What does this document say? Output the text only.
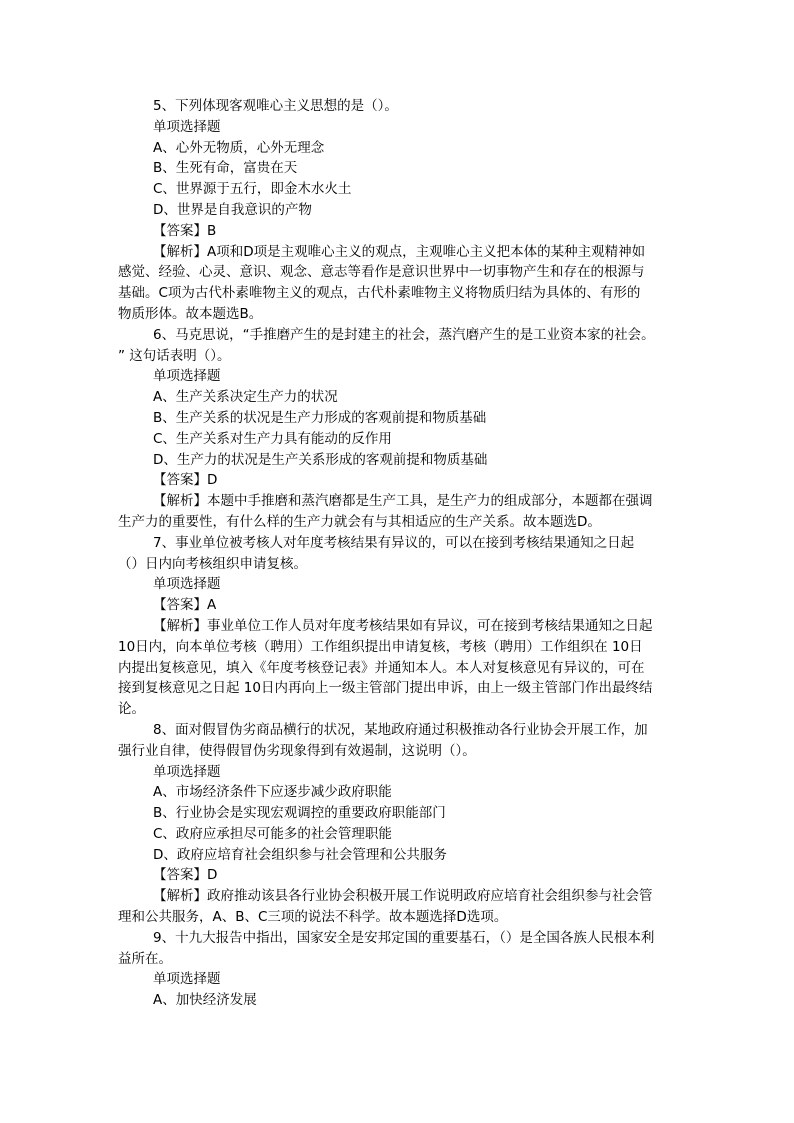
5、下列体现客观唯心主义思想的是（）。
单项选择题
A、心外无物质，心外无理念
B、生死有命，富贵在天
C、世界源于五行，即金木水火土
D、世界是自我意识的产物
【答案】B
【解析】A项和D项是主观唯心主义的观点，主观唯心主义把本体的某种主观精神如
感觉、经验、心灵、意识、观念、意志等看作是意识世界中一切事物产生和存在的根源与
基础。C项为古代朴素唯物主义的观点，古代朴素唯物主义将物质归结为具体的、有形的
物质形体。故本题选B。
6、马克思说，“手推磨产生的是封建主的社会，蒸汽磨产生的是工业资本家的社会。
” 这句话表明（）。
单项选择题
A、生产关系决定生产力的状况
B、生产关系的状况是生产力形成的客观前提和物质基础
C、生产关系对生产力具有能动的反作用
D、生产力的状况是生产关系形成的客观前提和物质基础
【答案】D
【解析】本题中手推磨和蒸汽磨都是生产工具，是生产力的组成部分，本题都在强调
生产力的重要性，有什么样的生产力就会有与其相适应的生产关系。故本题选D。
7、事业单位被考核人对年度考核结果有异议的，可以在接到考核结果通知之日起
（）日内向考核组织申请复核。
单项选择题
【答案】A
【解析】事业单位工作人员对年度考核结果如有异议，可在接到考核结果通知之日起
10日内，向本单位考核（聘用）工作组织提出申请复核，考核（聘用）工作组织在 10日
内提出复核意见，填入《年度考核登记表》并通知本人。本人对复核意见有异议的，可在
接到复核意见之日起 10日内再向上一级主管部门提出申诉，由上一级主管部门作出最终结
论。
8、面对假冒伪劣商品横行的状况，某地政府通过积极推动各行业协会开展工作，加
强行业自律，使得假冒伪劣现象得到有效遏制，这说明（）。
单项选择题
A、市场经济条件下应逐步减少政府职能
B、行业协会是实现宏观调控的重要政府职能部门
C、政府应承担尽可能多的社会管理职能
D、政府应培育社会组织参与社会管理和公共服务
【答案】D
【解析】政府推动该县各行业协会积极开展工作说明政府应培育社会组织参与社会管
理和公共服务，A、B、C三项的说法不科学。故本题选择D选项。
9、十九大报告中指出，国家安全是安邦定国的重要基石，（）是全国各族人民根本利
益所在。
单项选择题
A、加快经济发展
